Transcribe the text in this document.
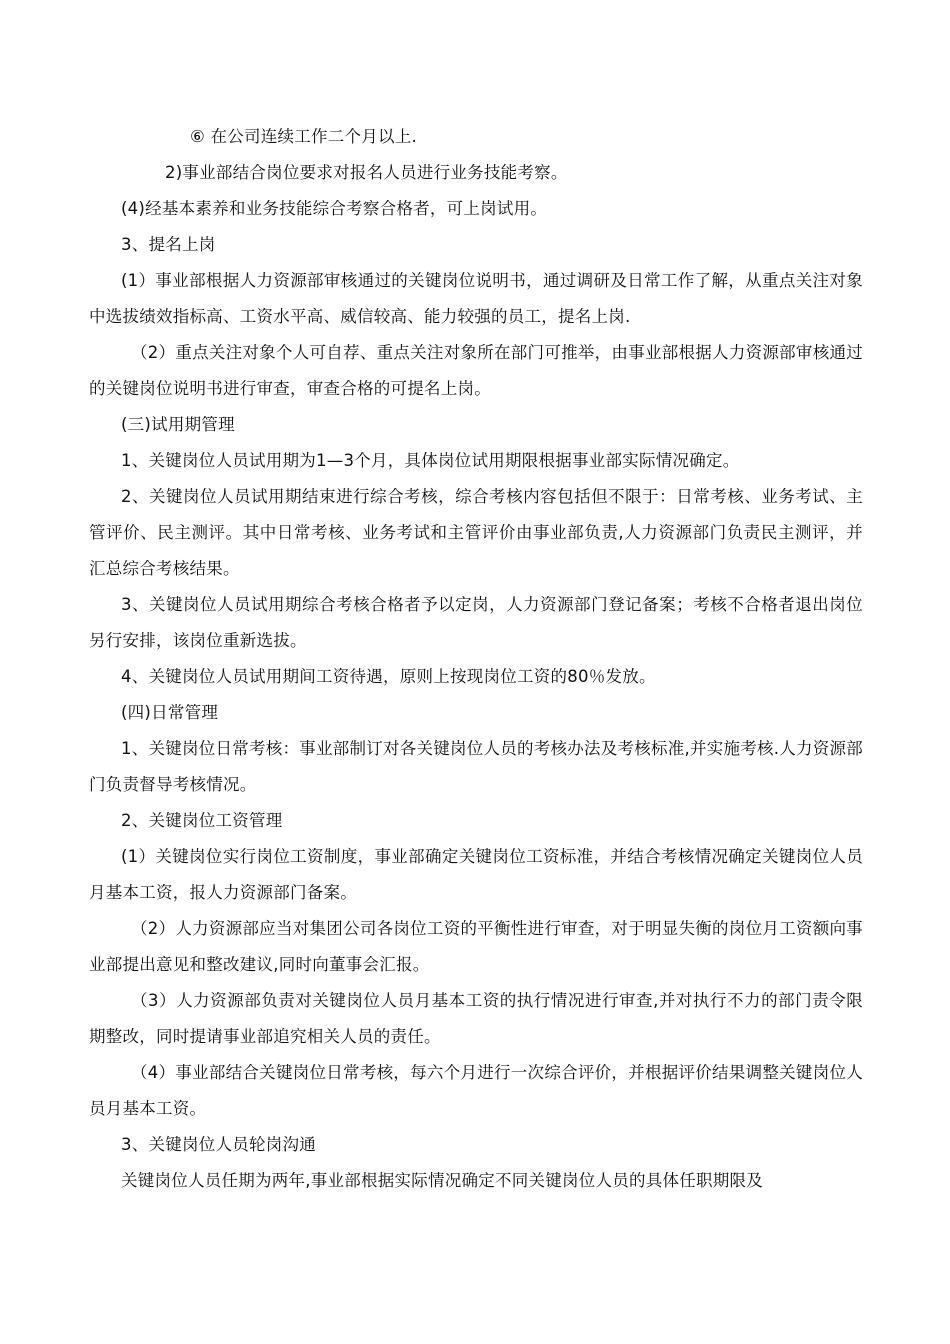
⑥ 在公司连续工作二个月以上.

2)事业部结合岗位要求对报名人员进行业务技能考察。

(4)经基本素养和业务技能综合考察合格者，可上岗试用。

3、提名上岗

(1）事业部根据人力资源部审核通过的关键岗位说明书，通过调研及日常工作了解，从重点关注对象中选拔绩效指标高、工资水平高、威信较高、能力较强的员工，提名上岗.

（2）重点关注对象个人可自荐、重点关注对象所在部门可推举，由事业部根据人力资源部审核通过的关键岗位说明书进行审查，审查合格的可提名上岗。

(三)试用期管理

1、关键岗位人员试用期为1—3个月，具体岗位试用期限根据事业部实际情况确定。

2、关键岗位人员试用期结束进行综合考核，综合考核内容包括但不限于：日常考核、业务考试、主管评价、民主测评。其中日常考核、业务考试和主管评价由事业部负责,人力资源部门负责民主测评，并汇总综合考核结果。

3、关键岗位人员试用期综合考核合格者予以定岗，人力资源部门登记备案；考核不合格者退出岗位另行安排，该岗位重新选拔。

4、关键岗位人员试用期间工资待遇，原则上按现岗位工资的80％发放。

(四)日常管理

1、关键岗位日常考核：事业部制订对各关键岗位人员的考核办法及考核标准,并实施考核.人力资源部门负责督导考核情况。

2、关键岗位工资管理

(1）关键岗位实行岗位工资制度，事业部确定关键岗位工资标准，并结合考核情况确定关键岗位人员月基本工资，报人力资源部门备案。

（2）人力资源部应当对集团公司各岗位工资的平衡性进行审查，对于明显失衡的岗位月工资额向事业部提出意见和整改建议,同时向董事会汇报。

（3）人力资源部负责对关键岗位人员月基本工资的执行情况进行审查,并对执行不力的部门责令限期整改，同时提请事业部追究相关人员的责任。

（4）事业部结合关键岗位日常考核，每六个月进行一次综合评价，并根据评价结果调整关键岗位人员月基本工资。

3、关键岗位人员轮岗沟通

关键岗位人员任期为两年,事业部根据实际情况确定不同关键岗位人员的具体任职期限及
